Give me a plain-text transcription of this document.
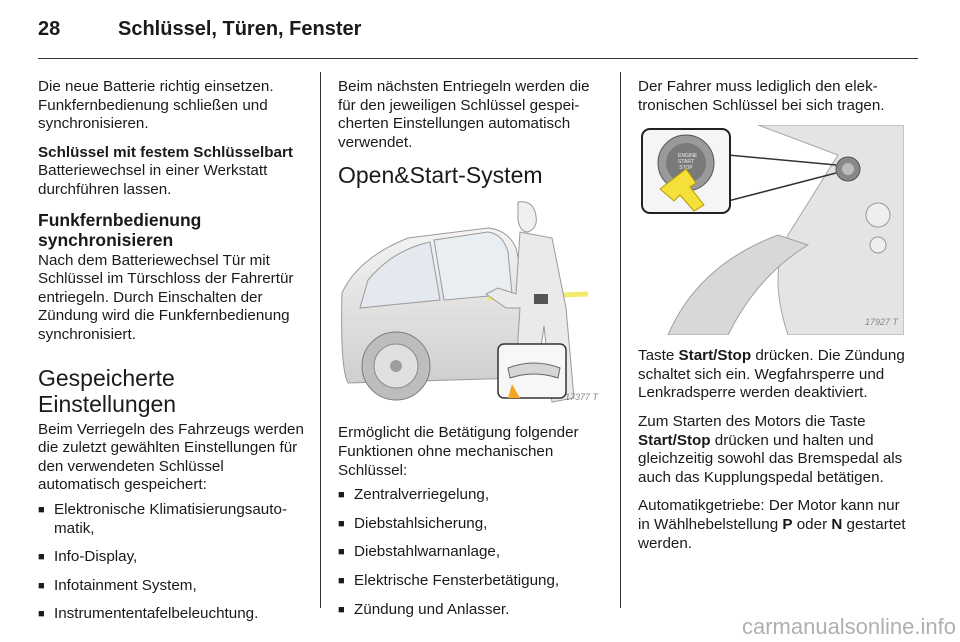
28	Schlüssel, Türen, Fenster

Die neue Batterie richtig einsetzen. Funkfernbedienung schließen und synchronisieren.

Schlüssel mit festem Schlüsselbart

Batteriewechsel in einer Werkstatt durchführen lassen.

Funkfernbedienung synchronisieren

Nach dem Batteriewechsel Tür mit Schlüssel im Türschloss der Fahrertür entriegeln. Durch Einschalten der Zündung wird die Funkfernbedienung synchronisiert.

Gespeicherte Einstellungen

Beim Verriegeln des Fahrzeugs werden die zuletzt gewählten Einstellungen für den verwendeten Schlüssel automatisch gespeichert:

■ Elektronische Klimatisierungsautomatik,
■ Info-Display,
■ Infotainment System,
■ Instrumententafelbeleuchtung.

Beim nächsten Entriegeln werden die für den jeweiligen Schlüssel gespeicherten Einstellungen automatisch verwendet.

Open&Start-System
17377 T

Ermöglicht die Betätigung folgender Funktionen ohne mechanischen Schlüssel:

■ Zentralverriegelung,
■ Diebstahlsicherung,
■ Diebstahlwarnanlage,
■ Elektrische Fensterbetätigung,
■ Zündung und Anlasser.

Der Fahrer muss lediglich den elektronischen Schlüssel bei sich tragen.

ENGINE START STOP
17927 T

Taste Start/Stop drücken. Die Zündung schaltet sich ein. Wegfahrsperre und Lenkradsperre werden deaktiviert.

Zum Starten des Motors die Taste Start/Stop drücken und halten und gleichzeitig sowohl das Bremspedal als auch das Kupplungspedal betätigen.

Automatikgetriebe: Der Motor kann nur in Wählhebelstellung P oder N gestartet werden.

carmanualsonline.info
